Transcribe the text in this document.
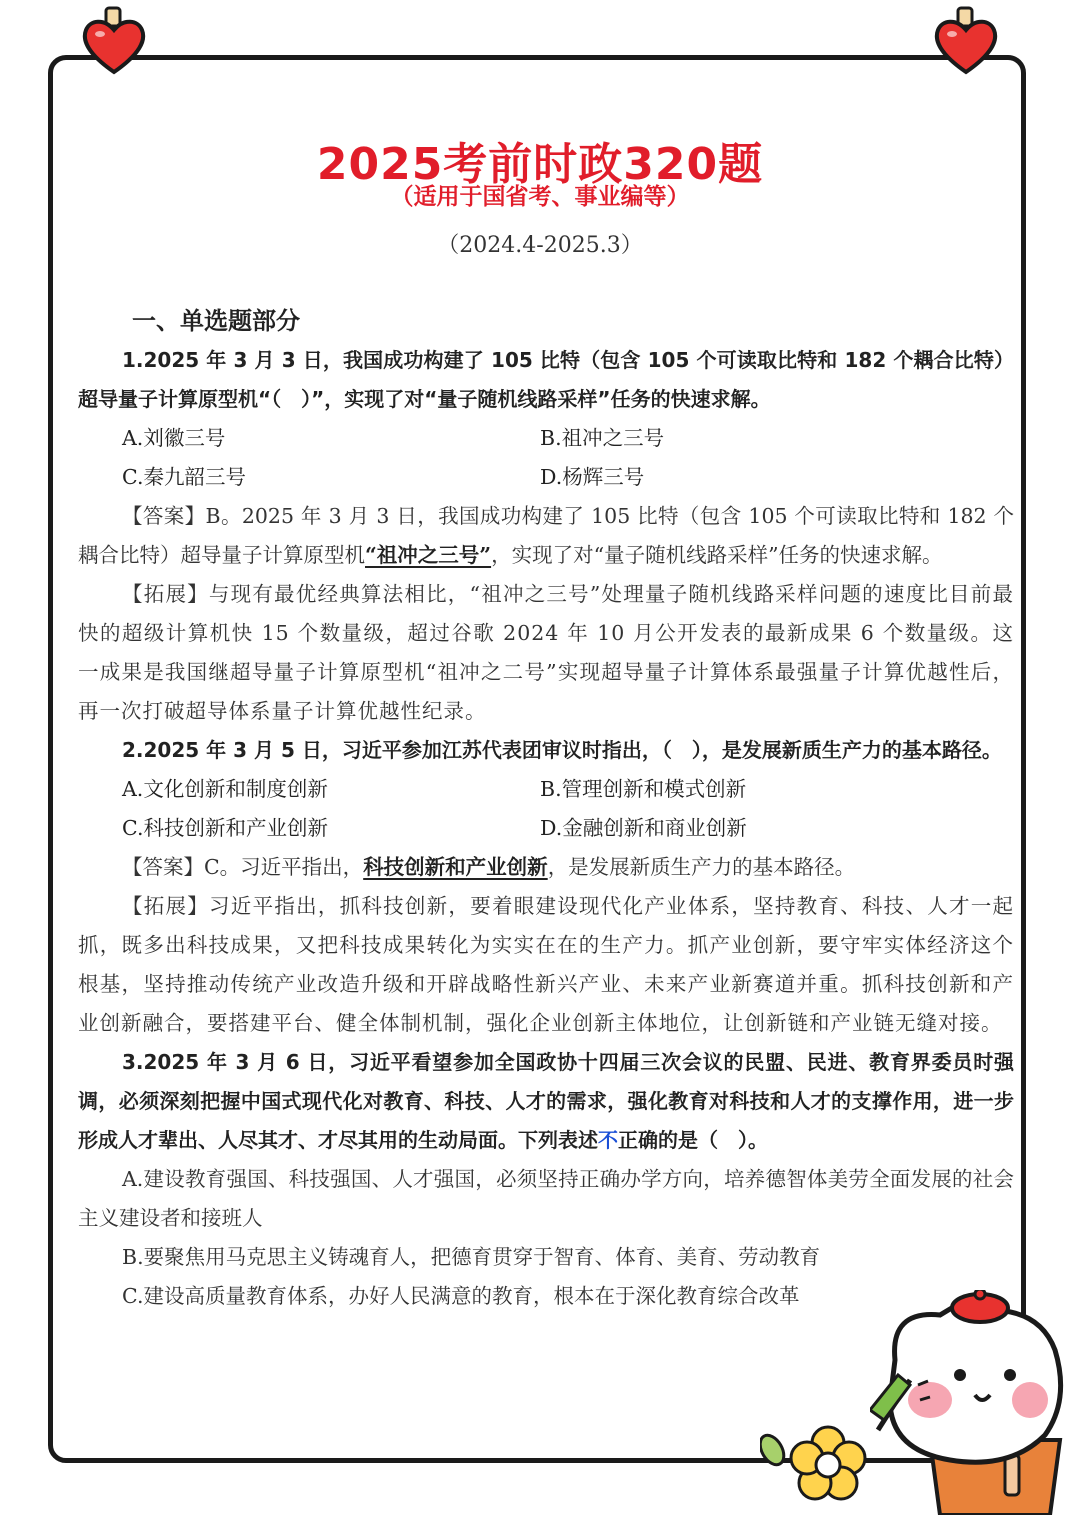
2025考前时政320题
（适用于国省考、事业编等）
（2024.4-2025.3）
一、单选题部分
1.2025 年 3 月 3 日，我国成功构建了 105 比特（包含 105 个可读取比特和 182 个耦合比特）超导量子计算原型机“（　）”，实现了对“量子随机线路采样”任务的快速求解。
A.刘徽三号	B.祖冲之三号
C.秦九韶三号	D.杨辉三号
【答案】B。2025 年 3 月 3 日，我国成功构建了 105 比特（包含 105 个可读取比特和 182 个耦合比特）超导量子计算原型机“祖冲之三号”，实现了对“量子随机线路采样”任务的快速求解。
【拓展】与现有最优经典算法相比，“祖冲之三号”处理量子随机线路采样问题的速度比目前最快的超级计算机快 15 个数量级，超过谷歌 2024 年 10 月公开发表的最新成果 6 个数量级。这一成果是我国继超导量子计算原型机“祖冲之二号”实现超导量子计算体系最强量子计算优越性后，再一次打破超导体系量子计算优越性纪录。
2.2025 年 3 月 5 日，习近平参加江苏代表团审议时指出，（　），是发展新质生产力的基本路径。
A.文化创新和制度创新	B.管理创新和模式创新
C.科技创新和产业创新	D.金融创新和商业创新
【答案】C。习近平指出，科技创新和产业创新，是发展新质生产力的基本路径。
【拓展】习近平指出，抓科技创新，要着眼建设现代化产业体系，坚持教育、科技、人才一起抓，既多出科技成果，又把科技成果转化为实实在在的生产力。抓产业创新，要守牢实体经济这个根基，坚持推动传统产业改造升级和开辟战略性新兴产业、未来产业新赛道并重。抓科技创新和产业创新融合，要搭建平台、健全体制机制，强化企业创新主体地位，让创新链和产业链无缝对接。
3.2025 年 3 月 6 日，习近平看望参加全国政协十四届三次会议的民盟、民进、教育界委员时强调，必须深刻把握中国式现代化对教育、科技、人才的需求，强化教育对科技和人才的支撑作用，进一步形成人才辈出、人尽其才、才尽其用的生动局面。下列表述不正确的是（　）。
A.建设教育强国、科技强国、人才强国，必须坚持正确办学方向，培养德智体美劳全面发展的社会主义建设者和接班人
B.要聚焦用马克思主义铸魂育人，把德育贯穿于智育、体育、美育、劳动教育
C.建设高质量教育体系，办好人民满意的教育，根本在于深化教育综合改革
